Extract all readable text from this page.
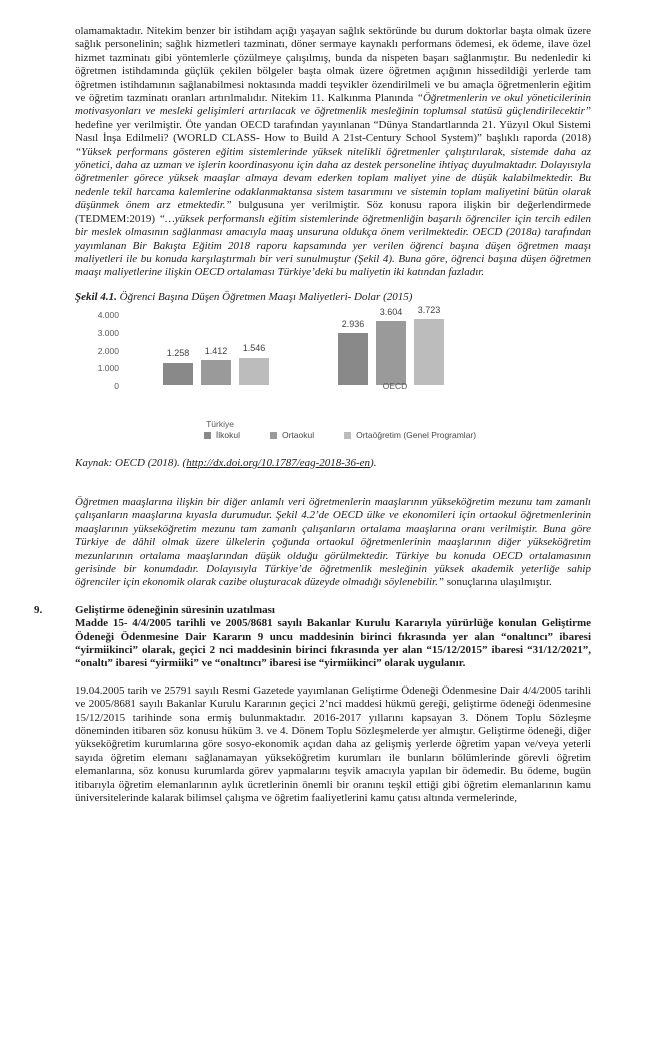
olamamaktadır. Nitekim benzer bir istihdam açığı yaşayan sağlık sektöründe bu durum doktorlar başta olmak üzere sağlık personelinin; sağlık hizmetleri tazminatı, döner sermaye kaynaklı performans ödemesi, ek ödeme, ilave özel hizmet tazminatı gibi yöntemlerle çözülmeye çalışılmış, bunda da nispeten başarı sağlanmıştır. Bu nedenledir ki öğretmen istihdamında güçlük çekilen bölgeler başta olmak üzere öğretmen açığının hissedildiği yerlerde tam öğretmen istihdamının sağlanabilmesi noktasında maddi teşvikler özendirilmeli ve bu amaçla öğretmenlerin eğitim ve öğretim tazminatı oranları artırılmalıdır. Nitekim 11. Kalkınma Planında “Öğretmenlerin ve okul yöneticilerinin motivasyonları ve mesleki gelişimleri artırılacak ve öğretmenlik mesleğinin toplumsal statüsü güçlendirilecektir” hedefine yer verilmiştir. Öte yandan OECD tarafından yayınlanan “Dünya Standartlarında 21. Yüzyıl Okul Sistemi Nasıl İnşa Edilmeli? (WORLD CLASS- How to Build A 21st-Century School System)” başlıklı raporda (2018) “Yüksek performans gösteren eğitim sistemlerinde yüksek nitelikli öğretmenler çalıştırılarak, sistemde daha az yönetici, daha az uzman ve işlerin koordinasyonu için daha az destek personeline ihtiyaç duyulmaktadır. Dolayısıyla öğretmenler görece yüksek maaşlar almaya devam ederken toplam maliyet yine de düşük kalabilmektedir. Bu nedenle tekil harcama kalemlerine odaklanmaktansa sistem tasarımını ve sistemin toplam maliyetini bütün olarak düşünmek önem arz etmektedir.” bulgusuna yer verilmiştir. Söz konusu rapora ilişkin bir değerlendirmede (TEDMEM:2019) “…yüksek performanslı eğitim sistemlerinde öğretmenliğin başarılı öğrenciler için tercih edilen bir meslek olmasının sağlanması amacıyla maaş unsuruna oldukça önem verilmektedir. OECD (2018a) tarafından yayımlanan Bir Bakışta Eğitim 2018 raporu kapsamında yer verilen öğrenci başına düşen öğretmen maaşı maliyetleri ile bu konuda karşılaştırmalı bir veri sunulmuştur (Şekil 4). Buna göre, öğrenci başına düşen öğretmen maaşı maliyetlerine ilişkin OECD ortalaması Türkiye’deki bu maliyetin iki katından fazladır.

Şekil 4.1. Öğrenci Başına Düşen Öğretmen Maaşı Maliyetleri- Dolar (2015)

4.000
3.000
2.000
1.000
0
1.258 1.412 1.546
Türkiye
2.936
3.604 3.723
OECD
İlkokul	Ortaokul	Ortaöğretim (Genel Programlar)

Kaynak: OECD (2018). (http://dx.doi.org/10.1787/eag-2018-36-en).

Öğretmen maaşlarına ilişkin bir diğer anlamlı veri öğretmenlerin maaşlarının yükseköğretim mezunu tam zamanlı çalışanların maaşlarına kıyasla durumudur. Şekil 4.2’de OECD ülke ve ekonomileri için ortaokul öğretmenlerinin maaşlarının yükseköğretim mezunu tam zamanlı çalışanların ortalama maaşlarına oranı verilmiştir. Buna göre Türkiye de dâhil olmak üzere ülkelerin çoğunda ortaokul öğretmenlerinin maaşlarının diğer yükseköğretim mezunlarının ortalama maaşlarından düşük olduğu görülmektedir. Türkiye bu konuda OECD ortalamasının gerisinde bir konumdadır. Dolayısıyla Türkiye’de öğretmenlik mesleğinin yüksek akademik yeterliğe sahip öğrenciler için ekonomik olarak cazibe oluşturacak düzeyde olmadığı söylenebilir.” sonuçlarına ulaşılmıştır.

9.	Geliştirme ödeneğinin süresinin uzatılması

Madde 15- 4/4/2005 tarihli ve 2005/8681 sayılı Bakanlar Kurulu Kararıyla yürürlüğe konulan Geliştirme Ödeneği Ödenmesine Dair Kararın 9 uncu maddesinin birinci fıkrasında yer alan “onaltıncı” ibaresi “yirmiikinci” olarak, geçici 2 nci maddesinin birinci fıkrasında yer alan “15/12/2015” ibaresi “31/12/2021”, “onaltı” ibaresi “yirmiiki” ve “onaltıncı” ibaresi ise “yirmiikinci” olarak uygulanır.

19.04.2005 tarih ve 25791 sayılı Resmi Gazetede yayımlanan Geliştirme Ödeneği Ödenmesine Dair 4/4/2005 tarihli ve 2005/8681 sayılı Bakanlar Kurulu Kararının geçici 2’nci maddesi hükmü gereği, geliştirme ödeneği ödenmesine 15/12/2015 tarihinde sona ermiş bulunmaktadır. 2016-2017 yıllarını kapsayan 3. Dönem Toplu Sözleşme döneminden itibaren söz konusu hüküm 3. ve 4. Dönem Toplu Sözleşmelerde yer almıştır. Geliştirme ödeneği, diğer yükseköğretim kurumlarına göre sosyo-ekonomik açıdan daha az gelişmiş yerlerde öğretim yapan ve/veya yeterli sayıda öğretim elemanı sağlanamayan yükseköğretim kurumları ile bunların bölümlerinde görevli öğretim elemanlarına, söz konusu kurumlarda görev yapmalarını teşvik amacıyla yapılan bir ödemedir. Bu ödeme, bugün itibarıyla öğretim elemanlarının aylık ücretlerinin önemli bir oranını teşkil ettiği gibi öğretim elemanlarının kamu üniversitelerinde kalarak bilimsel çalışma ve öğretim faaliyetlerini kamu çatısı altında vermelerinde,
